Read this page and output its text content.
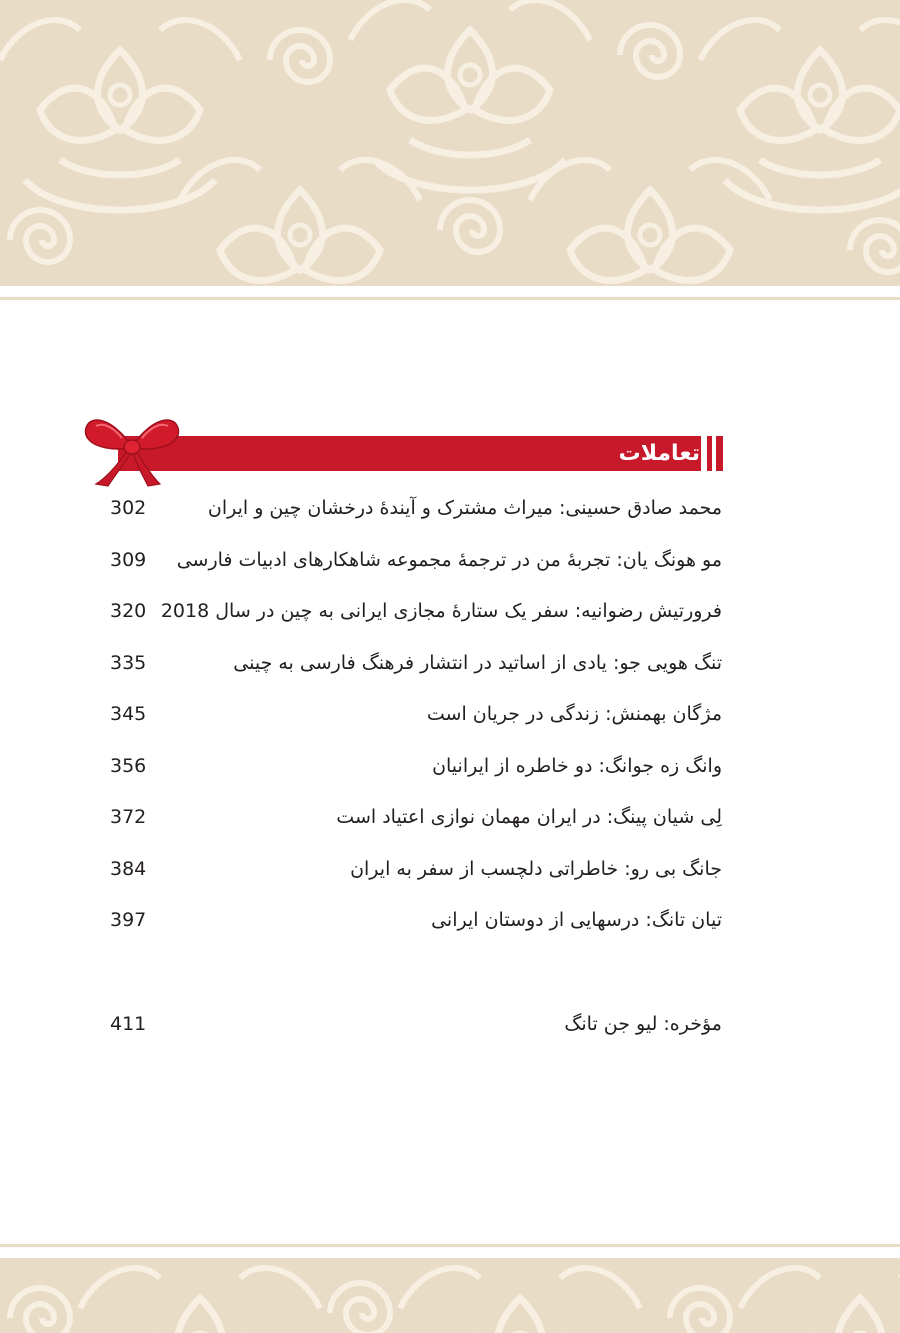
تعاملات
محمد صادق حسینی: میراث مشترک و آیندۀ درخشان چین و ایران
302
مو هونگ یان: تجربۀ من در ترجمۀ مجموعه شاهکارهای ادبیات فارسی
309
فرورتیش رضوانیه: سفر یک ستارۀ مجازی ایرانی به چین در سال 2018
320
تنگ هویی جو: یادی از اساتید در انتشار فرهنگ فارسی به چینی
335
مژگان بهمنش: زندگی در جریان است
345
وانگ زه جوانگ: دو خاطره از ایرانیان
356
لِی شیان پینگ: در ایران مهمان نوازی اعتیاد است
372
جانگ بی رو: خاطراتی دلچسب از سفر به ایران
384
تیان تانگ: درسهایی از دوستان ایرانی
397
مؤخره: لیو جن تانگ
411
